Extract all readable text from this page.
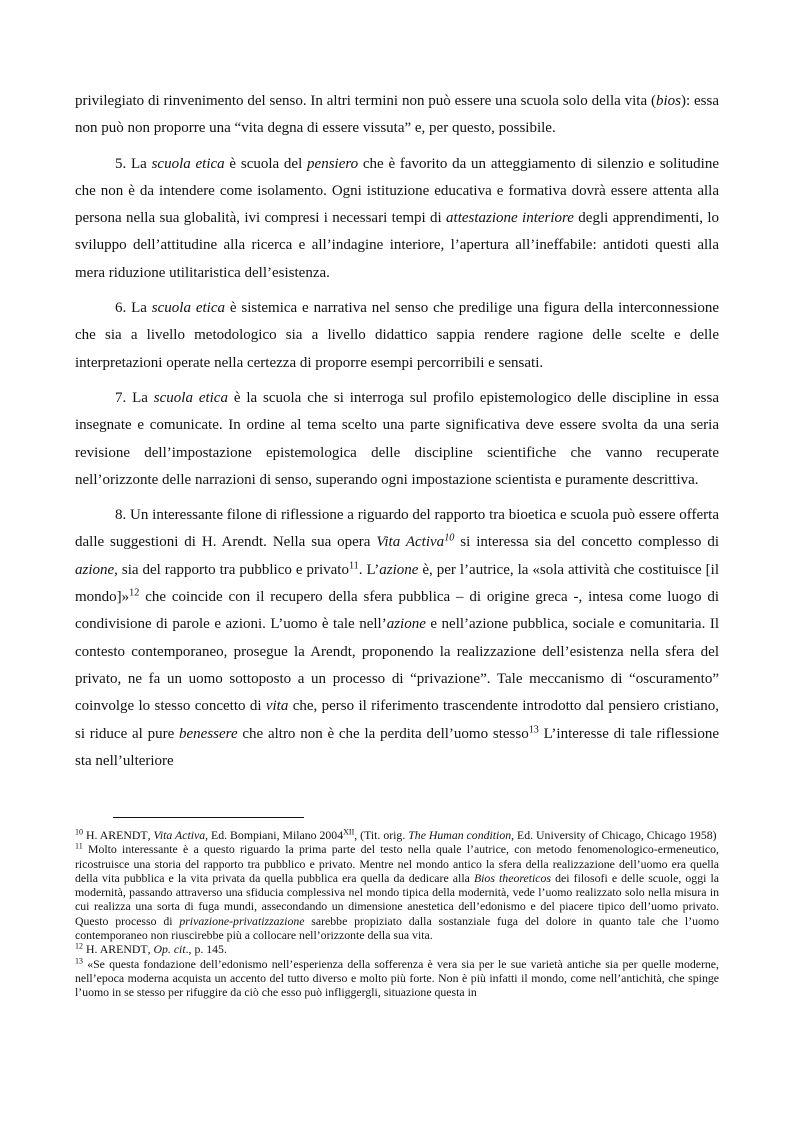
privilegiato di rinvenimento del senso. In altri termini non può essere una scuola solo della vita (bios): essa non può non proporre una “vita degna di essere vissuta” e, per questo, possibile.

5. La scuola etica è scuola del pensiero che è favorito da un atteggiamento di silenzio e solitudine che non è da intendere come isolamento. Ogni istituzione educativa e formativa dovrà essere attenta alla persona nella sua globalità, ivi compresi i necessari tempi di attestazione interiore degli apprendimenti, lo sviluppo dell’attitudine alla ricerca e all’indagine interiore, l’apertura all’ineffabile: antidoti questi alla mera riduzione utilitaristica dell’esistenza.

6. La scuola etica è sistemica e narrativa nel senso che predilige una figura della interconnessione che sia a livello metodologico sia a livello didattico sappia rendere ragione delle scelte e delle interpretazioni operate nella certezza di proporre esempi percorribili e sensati.

7. La scuola etica è la scuola che si interroga sul profilo epistemologico delle discipline in essa insegnate e comunicate. In ordine al tema scelto una parte significativa deve essere svolta da una seria revisione dell’impostazione epistemologica delle discipline scientifiche che vanno recuperate nell’orizzonte delle narrazioni di senso, superando ogni impostazione scientista e puramente descrittiva.

8. Un interessante filone di riflessione a riguardo del rapporto tra bioetica e scuola può essere offerta dalle suggestioni di H. Arendt. Nella sua opera Vita Activa$^{10}$ si interessa sia del concetto complesso di azione, sia del rapporto tra pubblico e privato$^{11}$. L’azione è, per l’autrice, la «sola attività che costituisce [il mondo]»$^{12}$ che coincide con il recupero della sfera pubblica – di origine greca -, intesa come luogo di condivisione di parole e azioni. L’uomo è tale nell’azione e nell’azione pubblica, sociale e comunitaria. Il contesto contemporaneo, prosegue la Arendt, proponendo la realizzazione dell’esistenza nella sfera del privato, ne fa un uomo sottoposto a un processo di “privazione”. Tale meccanismo di “oscuramento” coinvolge lo stesso concetto di vita che, perso il riferimento trascendente introdotto dal pensiero cristiano, si riduce al pure benessere che altro non è che la perdita dell’uomo stesso$^{13}$ L’interesse di tale riflessione sta nell’ulteriore

$^{10}$ H. ARENDT, Vita Activa, Ed. Bompiani, Milano $2004^{XII}$, (Tit. orig. The Human condition, Ed. University of Chicago, Chicago 1958)

$^{11}$ Molto interessante è a questo riguardo la prima parte del testo nella quale l’autrice, con metodo fenomenologico-ermeneutico, ricostruisce una storia del rapporto tra pubblico e privato. Mentre nel mondo antico la sfera della realizzazione dell’uomo era quella della vita pubblica e la vita privata da quella pubblica era quella da dedicare alla Bios theoreticos dei filosofi e delle scuole, oggi la modernità, passando attraverso una sfiducia complessiva nel mondo tipica della modernità, vede l’uomo realizzato solo nella misura in cui realizza una sorta di fuga mundi, assecondando un dimensione anestetica dell’edonismo e del piacere tipico dell’uomo privato. Questo processo di privazione-privatizzazione sarebbe propiziato dalla sostanziale fuga del dolore in quanto tale che l’uomo contemporaneo non riuscirebbe più a collocare nell’orizzonte della sua vita.

$^{12}$ H. ARENDT, Op. cit., p. 145.

$^{13}$ «Se questa fondazione dell’edonismo nell’esperienza della sofferenza è vera sia per le sue varietà antiche sia per quelle moderne, nell’epoca moderna acquista un accento del tutto diverso e molto più forte. Non è più infatti il mondo, come nell’antichità, che spinge l’uomo in se stesso per rifuggire da ciò che esso può infliggergli, situazione questa in
